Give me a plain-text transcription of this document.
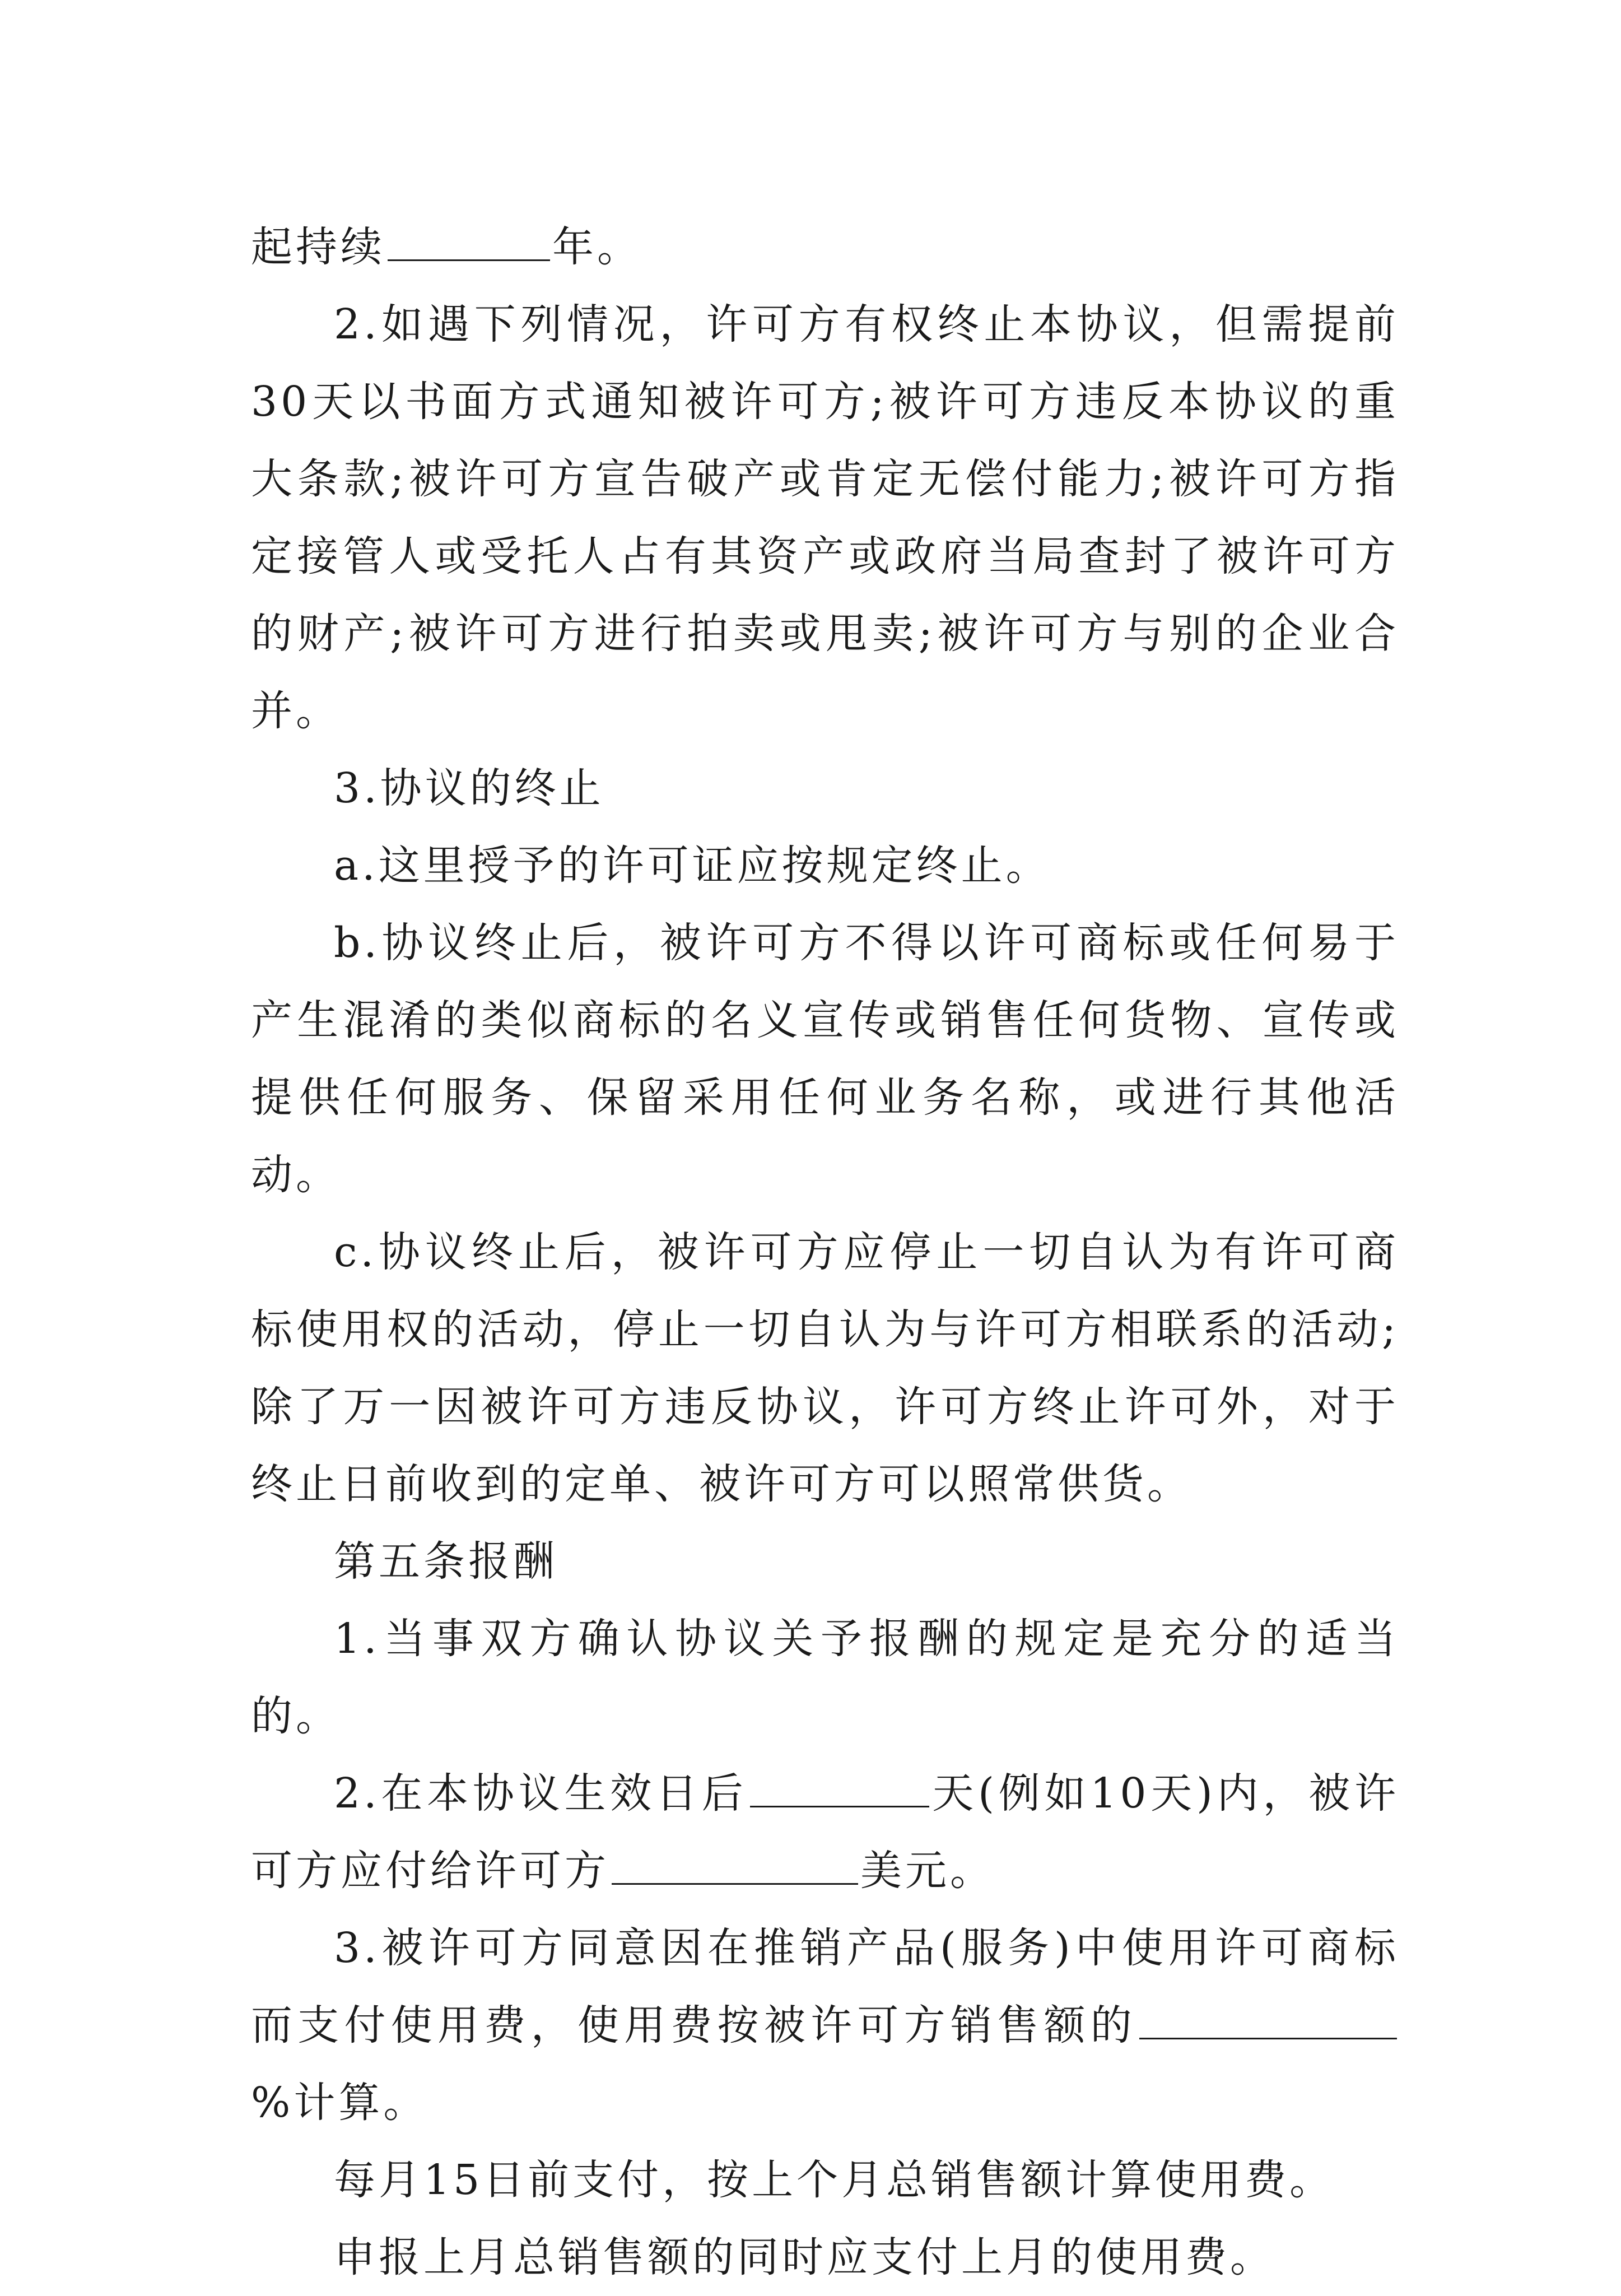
起持续	年。

2.如遇下列情况，许可方有权终止本协议，但需提前30天以书面方式通知被许可方;被许可方违反本协议的重大条款;被许可方宣告破产或肯定无偿付能力;被许可方指定接管人或受托人占有其资产或政府当局查封了被许可方的财产;被许可方进行拍卖或甩卖;被许可方与别的企业合并。

3.协议的终止

a.这里授予的许可证应按规定终止。

b.协议终止后，被许可方不得以许可商标或任何易于产生混淆的类似商标的名义宣传或销售任何货物、宣传或提供任何服务、保留采用任何业务名称，或进行其他活动。

c.协议终止后，被许可方应停止一切自认为有许可商标使用权的活动，停止一切自认为与许可方相联系的活动;除了万一因被许可方违反协议，许可方终止许可外，对于终止日前收到的定单、被许可方可以照常供货。

第五条报酬

1.当事双方确认协议关予报酬的规定是充分的适当的。

2.在本协议生效日后	天(例如10天)内，被许可方应付给许可方	美元。

3.被许可方同意因在推销产品(服务)中使用许可商标而支付使用费，使用费按被许可方销售额的%计算。

每月15日前支付，按上个月总销售额计算使用费。

申报上月总销售额的同时应支付上月的使用费。
